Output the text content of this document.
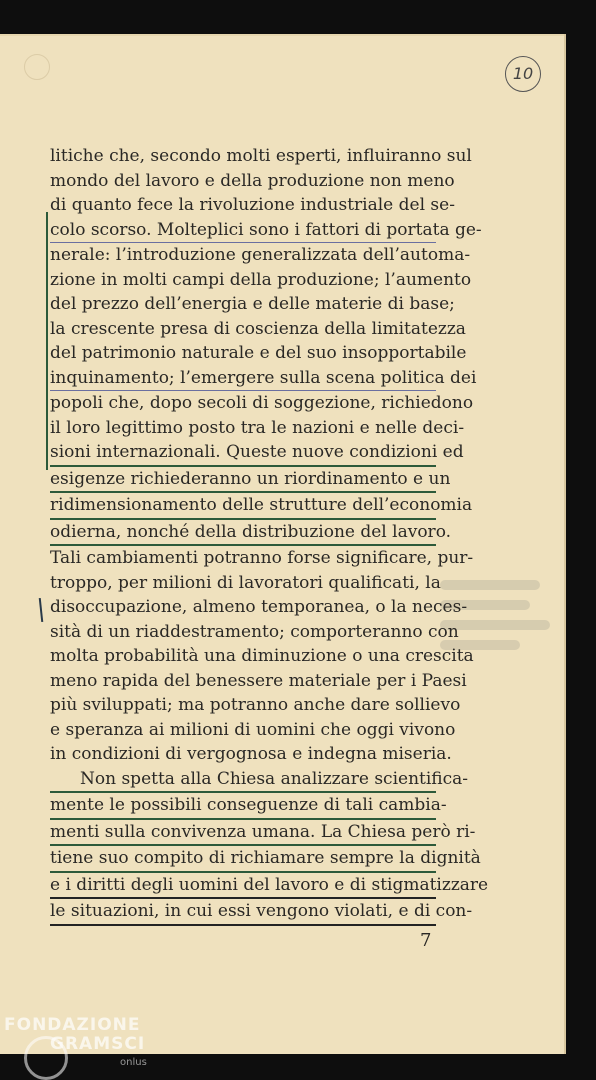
10
litiche che, secondo molti esperti, influiranno sul
mondo del lavoro e della produzione non meno
di quanto fece la rivoluzione industriale del se-
colo scorso. Molteplici sono i fattori di portata ge-
nerale: l’introduzione generalizzata dell’automa-
zione in molti campi della produzione; l’aumento
del prezzo dell’energia e delle materie di base;
la crescente presa di coscienza della limitatezza
del patrimonio naturale e del suo insopportabile
inquinamento; l’emergere sulla scena politica dei
popoli che, dopo secoli di soggezione, richiedono
il loro legittimo posto tra le nazioni e nelle deci-
sioni internazionali. Queste nuove condizioni ed
esigenze richiederanno un riordinamento e un
ridimensionamento delle strutture dell’economia
odierna, nonché della distribuzione del lavoro.
Tali cambiamenti potranno forse significare, pur-
troppo, per milioni di lavoratori qualificati, la
disoccupazione, almeno temporanea, o la neces-
sità di un riaddestramento; comporteranno con
molta probabilità una diminuzione o una crescita
meno rapida del benessere materiale per i Paesi
più sviluppati; ma potranno anche dare sollievo
e speranza ai milioni di uomini che oggi vivono
in condizioni di vergognosa e indegna miseria.
Non spetta alla Chiesa analizzare scientifica-
mente le possibili conseguenze di tali cambia-
menti sulla convivenza umana. La Chiesa però ri-
tiene suo compito di richiamare sempre la dignità
e i diritti degli uomini del lavoro e di stigmatizzare
le situazioni, in cui essi vengono violati, e di con-
7
FONDAZIONE
GRAMSCI
onlus
